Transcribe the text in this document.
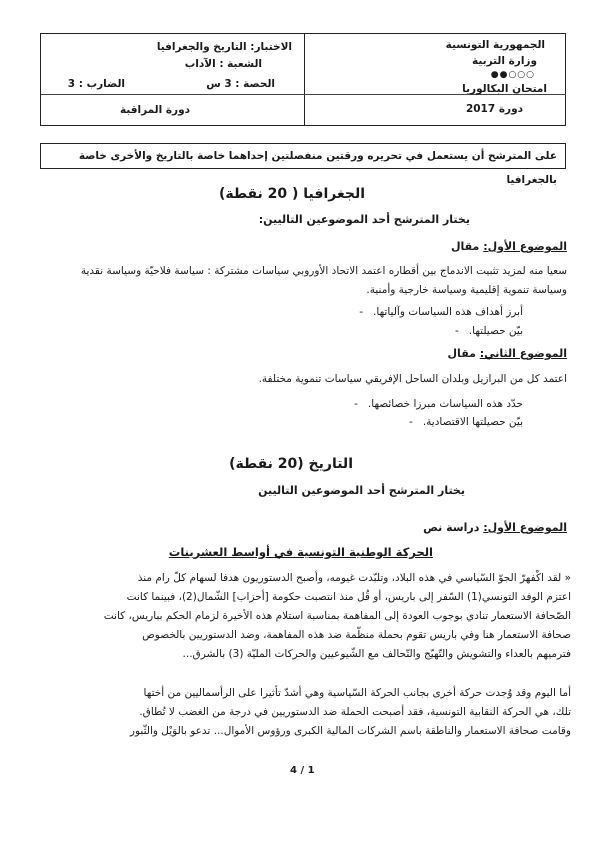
الجمهورية التونسية
وزارة التربية
●●○○○
امتحان البكالوريا
دورة 2017
الاختبار: التاريخ والجغرافيا
الشعبة : الآداب
الحصة : 3 س
الضارب : 3
دورة المراقبة
على المترشح أن يستعمل في تحريره ورقتين منفصلتين إحداهما خاصة بالتاريخ والأخرى خاصة بالجغرافيا
الجغرافيا ( 20 نقطة)
يختار المترشح أحد الموضوعين التاليين:
الموضوع الأول: مقال
سعيا منه لمزيد تثبيت الاندماج بين أقطاره اعتمد الاتحاد الأوروبي سياسات مشتركة : سياسة فلاحيّة وسياسة نقدية وسياسة تنموية إقليمية وسياسة خارجية وأمنية.
أبرز أهداف هذه السياسات وآلياتها. -
بيّن حصيلتها. -
الموضوع الثاني: مقال
اعتمد كل من البرازيل وبلدان الساحل الإفريقي سياسات تنموية مختلفة.
حدّد هذه السياسات مبرزا خصائصها. -
بيّن حصيلتها الاقتصادية. -
التاريخ (20 نقطة)
يختار المترشح أحد الموضوعين التاليين
الموضوع الأول: دراسة نص
الحركة الوطنية التونسية في أواسط العشرينات
« لقد اكْفهرّ الجوّ السّياسي في هذه البلاد، وتلبّدت غيومه، وأصبح الدستوريون هدفا لسهام كلّ رام منذ
اعتزم الوفد التونسي(1) السّفر إلى باريس، أو قُل منذ انتصبت حكومة [أحزاب] الشّمال(2)، فبينما كانت
الصّحافة الاستعمار تنادي بوجوب العودة إلى المفاهمة بمناسبة استلام هذه الأخيرة لزمام الحكم بباريس، كانت
صحافة الاستعمار هنا وفي باريس تقوم بحملة منظّمة ضد هذه المفاهمة، وضد الدستوريين بالخصوص
فترميهم بالعداء والتشويش والتّهيّج والتّحالف مع الشّيوعيين والحركات المليّة (3) بالشرق...
أما اليوم وقد وُجدت حركة أخرى بجانب الحركة السّياسية وهي أشدّ تأثيرا على الرأسماليين من أختها
تلك، هي الحركة النقابية التونسية، فقد أصبحت الحملة ضد الدستوريين في درجة من الغضب لا تُطاق.
وقامت صحافة الاستعمار والناطقة باسم الشركات المالية الكبرى ورؤوس الأموال... تدعو بالوَيْل والثّبور
4 / 1
